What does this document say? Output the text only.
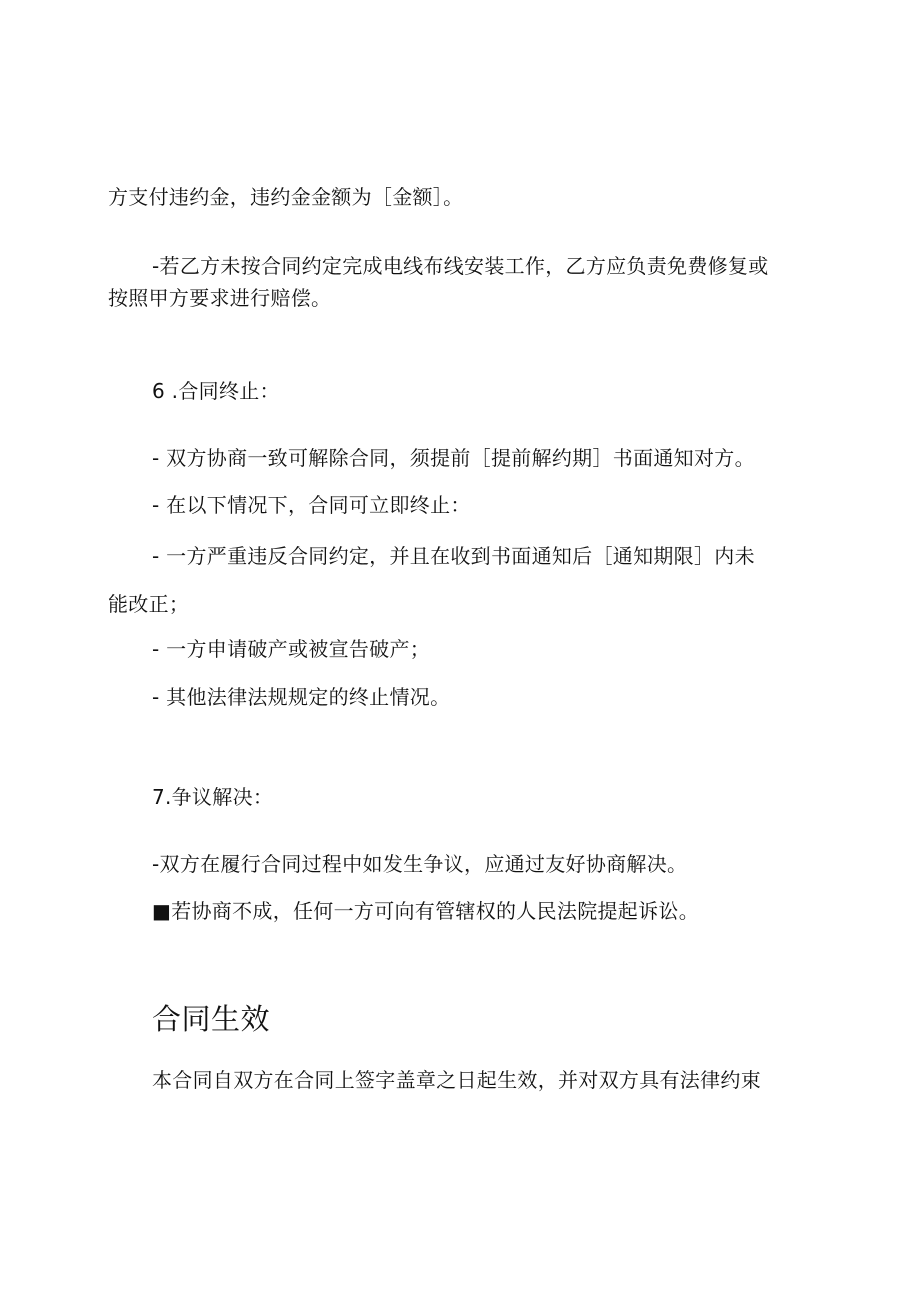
方支付违约金，违约金金额为［金额］。
-若乙方未按合同约定完成电线布线安装工作，乙方应负责免费修复或
按照甲方要求进行赔偿。
6 .合同终止：
- 双方协商一致可解除合同，须提前［提前解约期］书面通知对方。
- 在以下情况下，合同可立即终止：
- 一方严重违反合同约定，并且在收到书面通知后［通知期限］内未
能改正；
- 一方申请破产或被宣告破产；
- 其他法律法规规定的终止情况。
7.争议解决：
-双方在履行合同过程中如发生争议，应通过友好协商解决。
■若协商不成，任何一方可向有管辖权的人民法院提起诉讼。
合同生效
本合同自双方在合同上签字盖章之日起生效，并对双方具有法律约束
